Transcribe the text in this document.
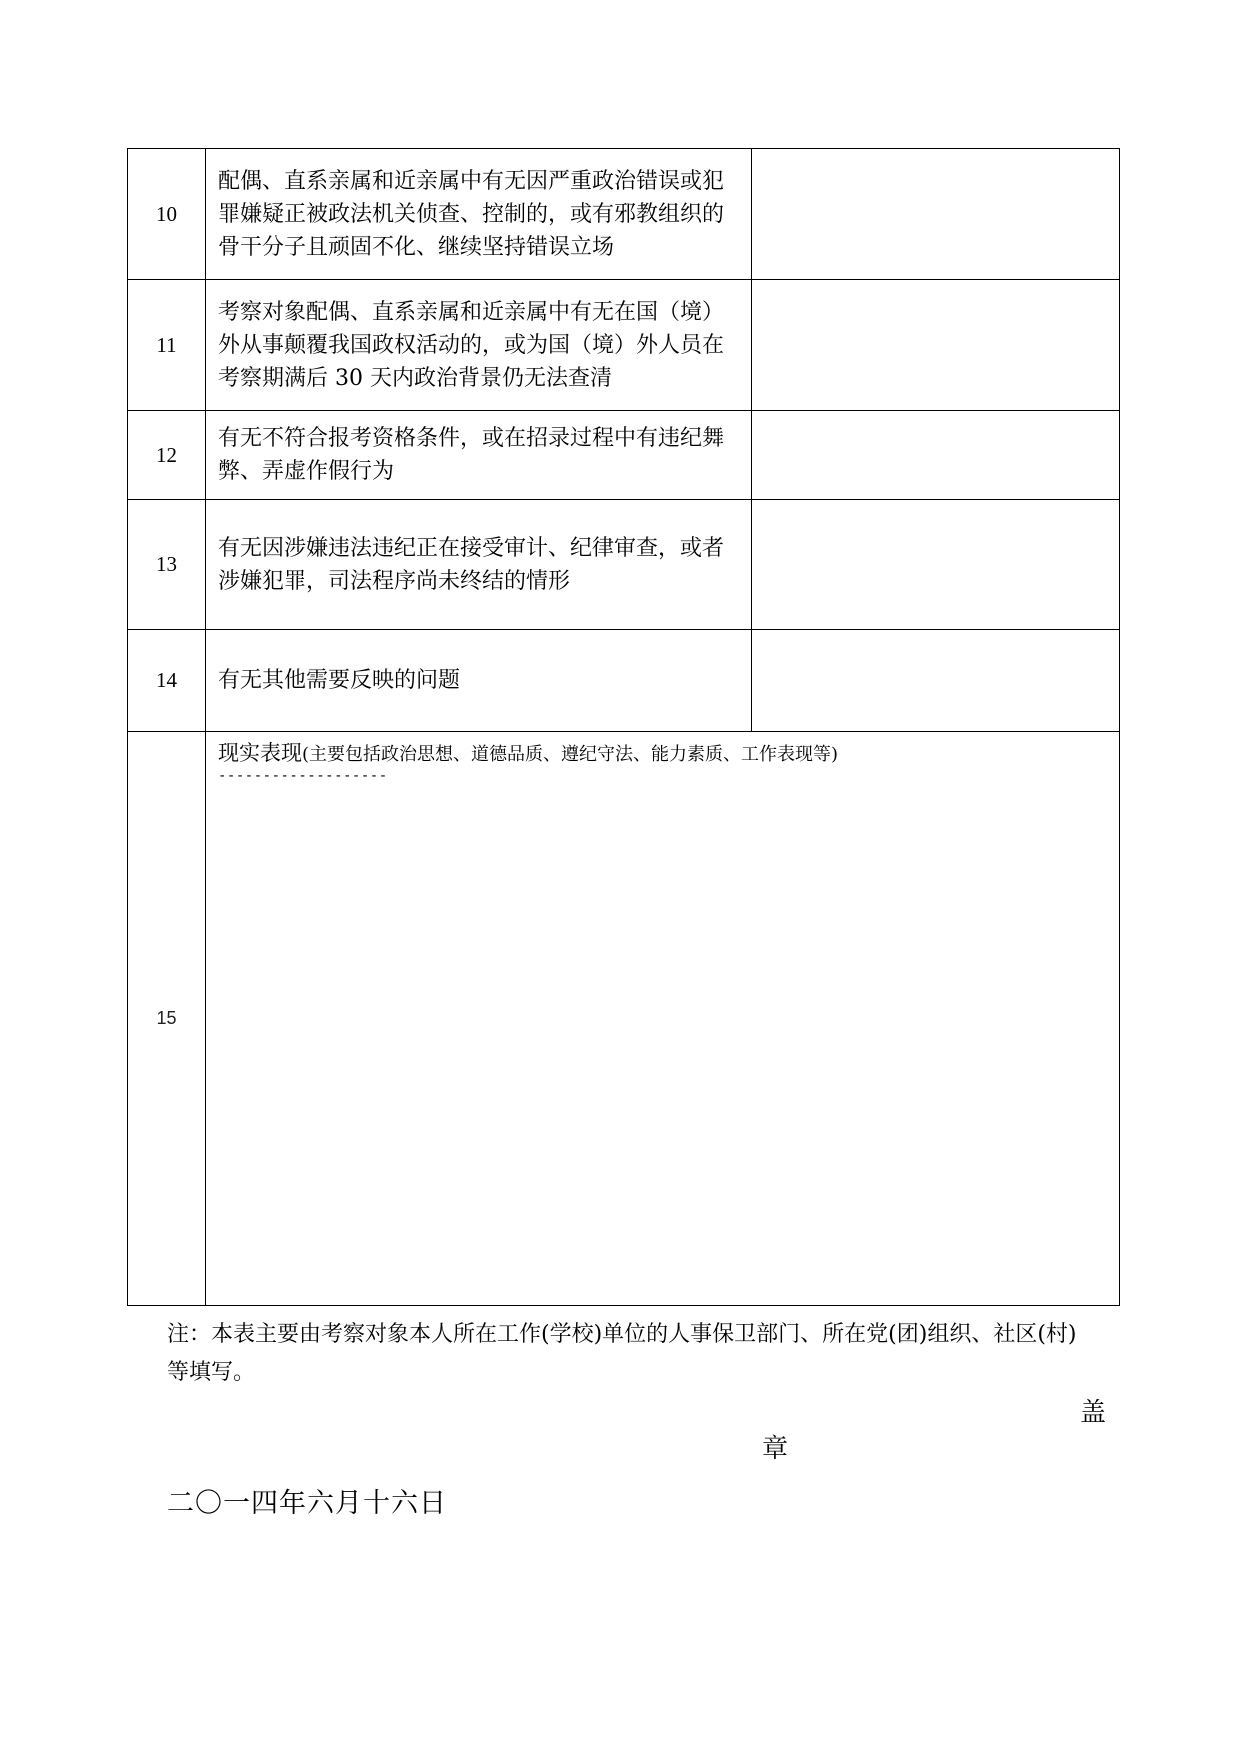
10	配偶、直系亲属和近亲属中有无因严重政治错误或犯罪嫌疑正被政法机关侦查、控制的，或有邪教组织的骨干分子且顽固不化、继续坚持错误立场	
11	考察对象配偶、直系亲属和近亲属中有无在国（境）外从事颠覆我国政权活动的，或为国（境）外人员在考察期满后 30 天内政治背景仍无法查清	
12	有无不符合报考资格条件，或在招录过程中有违纪舞弊、弄虚作假行为	
13	有无因涉嫌违法违纪正在接受审计、纪律审查，或者涉嫌犯罪，司法程序尚未终结的情形	
14	有无其他需要反映的问题	
15	现实表现(主要包括政治思想、道德品质、遵纪守法、能力素质、工作表现等)
-------------------	
注：本表主要由考察对象本人所在工作(学校)单位的人事保卫部门、所在党(团)组织、社区(村)等填写。
盖
章
二〇一四年六月十六日
